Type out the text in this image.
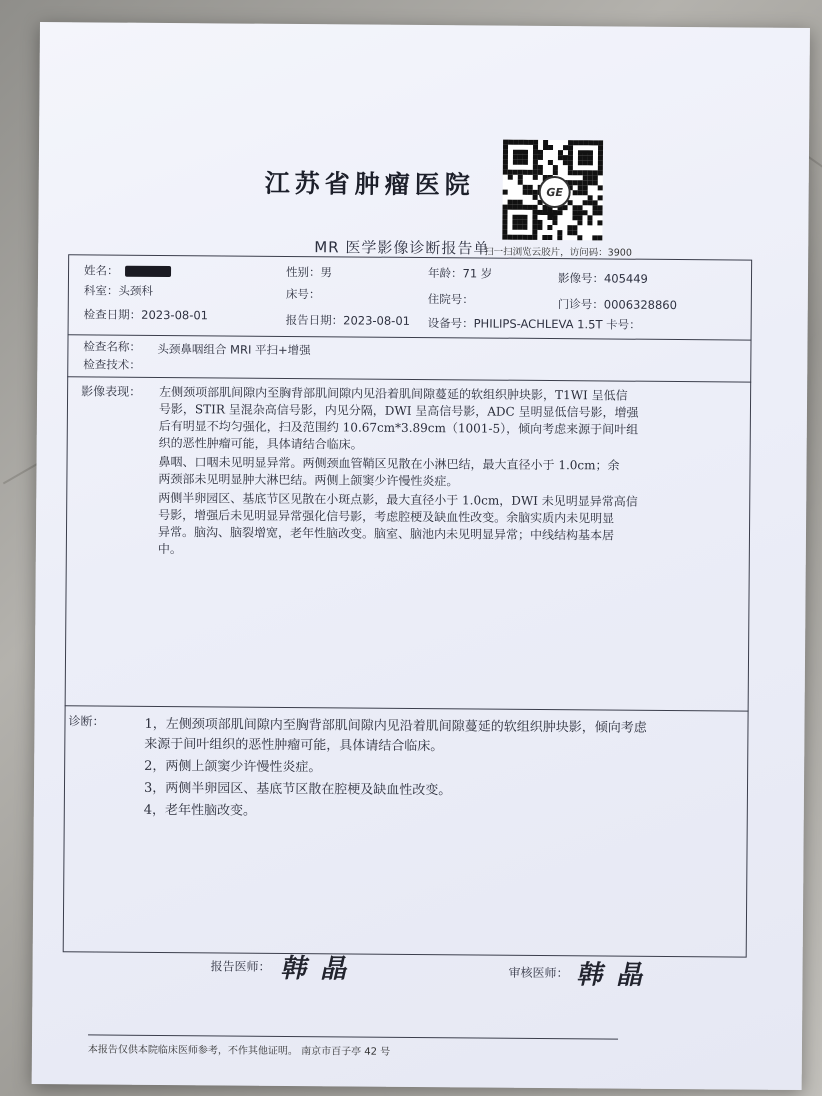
江苏省肿瘤医院	GE
扫一扫浏览云胶片，访问码：3900
MR 医学影像诊断报告单
姓名：	性别：男	年龄：71 岁	影像号：405449
科室：头颈科	床号：	住院号：	门诊号：0006328860
检查日期：2023-08-01	报告日期：2023-08-01 设备号：PHILIPS-ACHLEVA 1.5T 卡号：
检查名称： 头颈鼻咽组合 MRI 平扫+增强
检查技术：
影像表现： 左侧颈项部肌间隙内至胸背部肌间隙内见沿着肌间隙蔓延的软组织肿块影，T1WI 呈低信
号影，STIR 呈混杂高信号影，内见分隔，DWI 呈高信号影，ADC 呈明显低信号影，增强
后有明显不均匀强化，扫及范围约 10.67cm*3.89cm（1001-5），倾向考虑来源于间叶组
织的恶性肿瘤可能，具体请结合临床。
鼻咽、口咽未见明显异常。两侧颈血管鞘区见散在小淋巴结，最大直径小于 1.0cm；余
两颈部未见明显肿大淋巴结。两侧上颌窦少许慢性炎症。
两侧半卵园区、基底节区见散在小斑点影，最大直径小于 1.0cm，DWI 未见明显异常高信
号影，增强后未见明显异常强化信号影，考虑腔梗及缺血性改变。余脑实质内未见明显
异常。脑沟、脑裂增宽，老年性脑改变。脑室、脑池内未见明显异常；中线结构基本居
中。
诊断：	1，左侧颈项部肌间隙内至胸背部肌间隙内见沿着肌间隙蔓延的软组织肿块影，倾向考虑
来源于间叶组织的恶性肿瘤可能，具体请结合临床。
2，两侧上颌窦少许慢性炎症。
3，两侧半卵园区、基底节区散在腔梗及缺血性改变。
4，老年性脑改变。
报告医师： 韩晶	审核医师： 韩晶
本报告仅供本院临床医师参考，不作其他证明。 南京市百子亭 42 号
